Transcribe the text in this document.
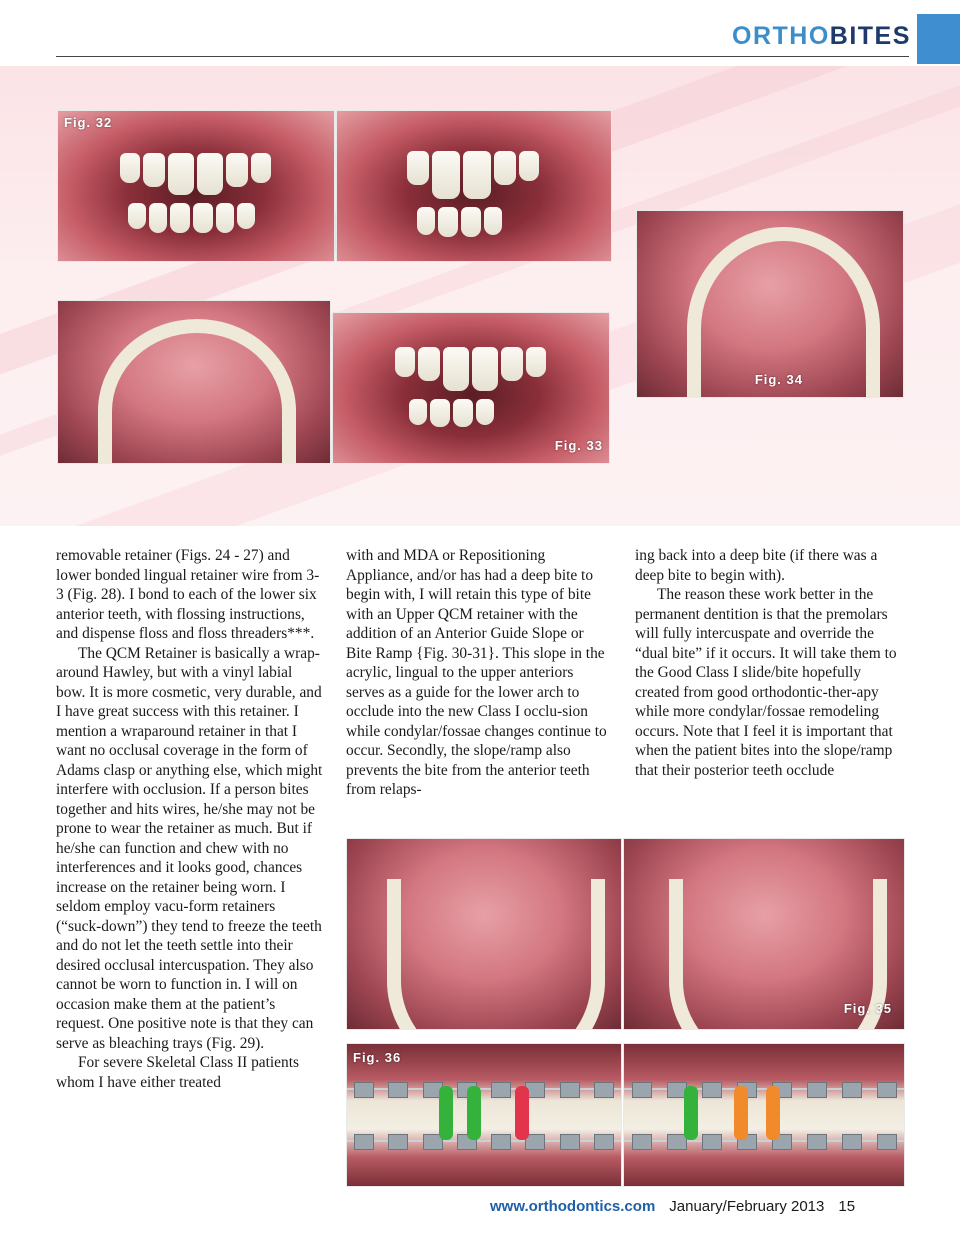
ORTHOBITES
Fig. 32
Fig. 33
Fig. 34

removable retainer (Figs. 24 - 27) and lower bonded lingual retainer wire from 3-3 (Fig. 28). I bond to each of the lower six anterior teeth, with flossing instructions, and dispense floss and floss threaders***.

The QCM Retainer is basically a wrap-around Hawley, but with a vinyl labial bow. It is more cosmetic, very durable, and I have great success with this retainer. I mention a wraparound retainer in that I want no occlusal coverage in the form of Adams clasp or anything else, which might interfere with occlusion. If a person bites together and hits wires, he/she may not be prone to wear the retainer as much. But if he/she can function and chew with no interferences and it looks good, chances increase on the retainer being worn. I seldom employ vacu-form retainers (“suck-down”) they tend to freeze the teeth and do not let the teeth settle into their desired occlusal intercuspation. They also cannot be worn to function in. I will on occasion make them at the patient’s request. One positive note is that they can serve as bleaching trays (Fig. 29).

For severe Skeletal Class II patients whom I have either treated

with and MDA or Repositioning Appliance, and/or has had a deep bite to begin with, I will retain this type of bite with an Upper QCM retainer with the addition of an Anterior Guide Slope or Bite Ramp {Fig. 30-31}. This slope in the acrylic, lingual to the upper anteriors serves as a guide for the lower arch to occlude into the new Class I occlu-sion while condylar/fossae changes continue to occur. Secondly, the slope/ramp also prevents the bite from the anterior teeth from relaps-

ing back into a deep bite (if there was a deep bite to begin with).

The reason these work better in the permanent dentition is that the premolars will fully intercuspate and override the “dual bite” if it occurs. It will take them to the Good Class I slide/bite hopefully created from good orthodontic-ther-apy while more condylar/fossae remodeling occurs. Note that I feel it is important that when the patient bites into the slope/ramp that their posterior teeth occlude

Fig. 35
Fig. 36
www.orthodontics.com January/February 2013 15
